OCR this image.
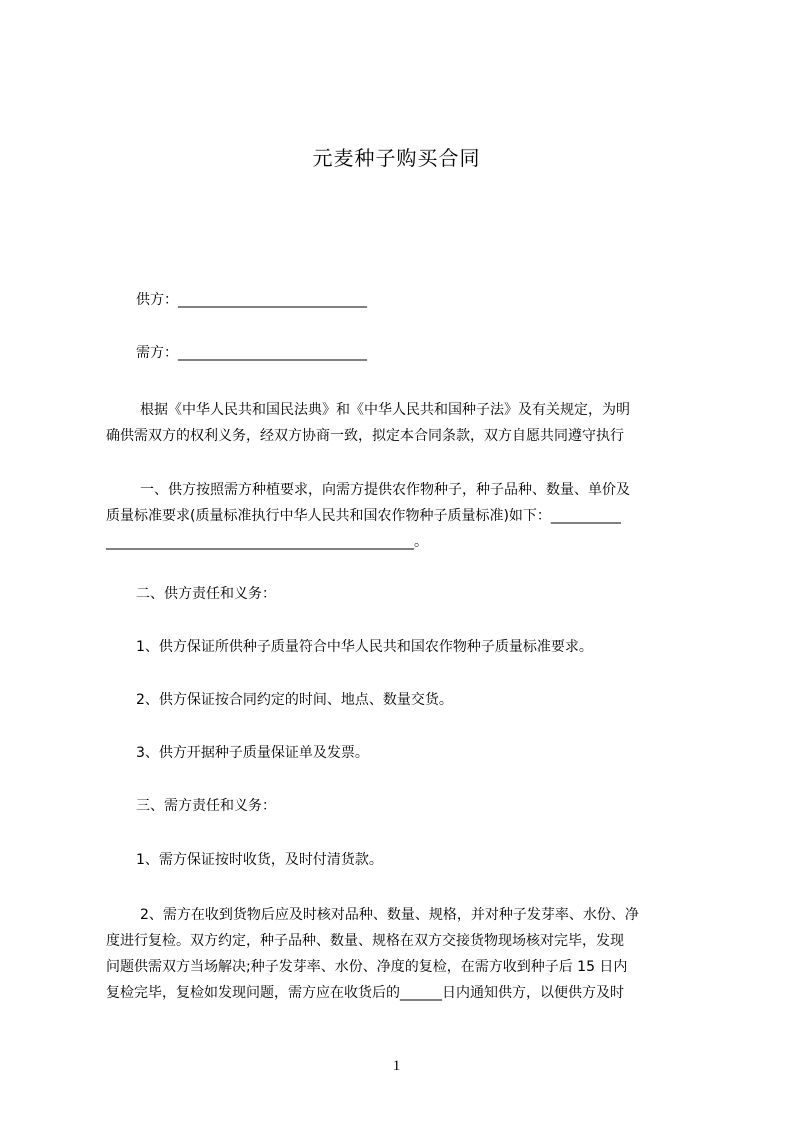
元麦种子购买合同
供方：___________________________
需方：___________________________
根据《中华人民共和国民法典》和《中华人民共和国种子法》及有关规定，为明
确供需双方的权利义务，经双方协商一致，拟定本合同条款，双方自愿共同遵守执行
一、供方按照需方种植要求，向需方提供农作物种子，种子品种、数量、单价及
质量标准要求(质量标准执行中华人民共和国农作物种子质量标准)如下：__________
____________________________________________。
二、供方责任和义务：
1、供方保证所供种子质量符合中华人民共和国农作物种子质量标准要求。
2、供方保证按合同约定的时间、地点、数量交货。
3、供方开据种子质量保证单及发票。
三、需方责任和义务：
1、需方保证按时收货，及时付清货款。
2、需方在收到货物后应及时核对品种、数量、规格，并对种子发芽率、水份、净
度进行复检。双方约定，种子品种、数量、规格在双方交接货物现场核对完毕，发现
问题供需双方当场解决;种子发芽率、水份、净度的复检，在需方收到种子后 15 日内
复检完毕，复检如发现问题，需方应在收货后的______日内通知供方，以便供方及时
1
